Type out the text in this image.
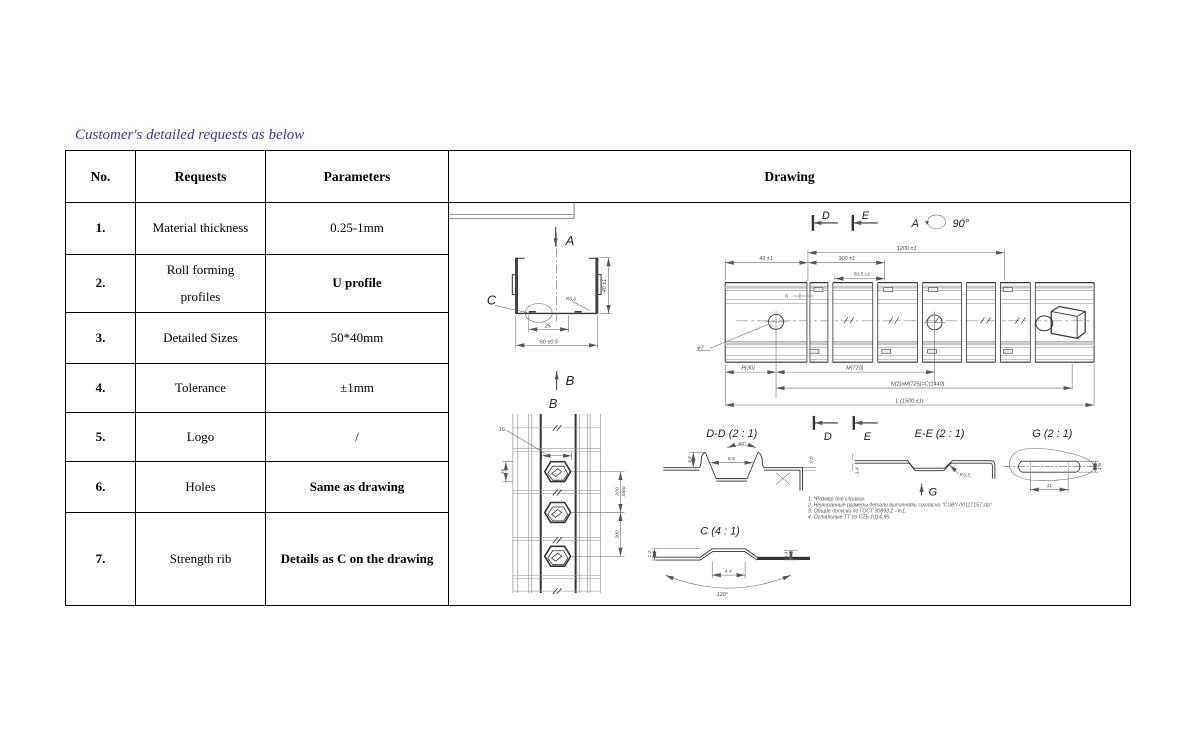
Customer's detailed requests as below
No.	Requests	Parameters	Drawing
1.	Material thickness	0.25-1mm	
A
C	R0,6
25
50 ±0,5
40 ±1
B
B
16
16
200 Step
200
D	E
A	90°
ø7
6
49 ±1	300 ±1
50,5 ±1
1200 ±1
P(30)	M(720)
N(2)xM(725)=C(1440)
L (1500 ±1)
D	E
D-D (2 : 1)
60°
8,5
3,6	0,6
E-E (2 : 1)
1,4
R3,5
G
G (2 : 1)
11
1,9
C (4 : 1)
1,2	0,9
4,4
120°
1. *Размер для справок.
2. Неуказанные размеры детали выполнять согласно "CUBY-00117157.stp"
3. Общие допуски по ГОСТ 30893.2 - m1.
4. Остальные ТТ по СТБ 1014-95.

2.	Roll forming profiles	U profile	
3.	Detailed Sizes	50*40mm	
4.	Tolerance	±1mm	
5.	Logo	/	
6.	Holes	Same as drawing	
7.	Strength rib	Details as C on the drawing	
